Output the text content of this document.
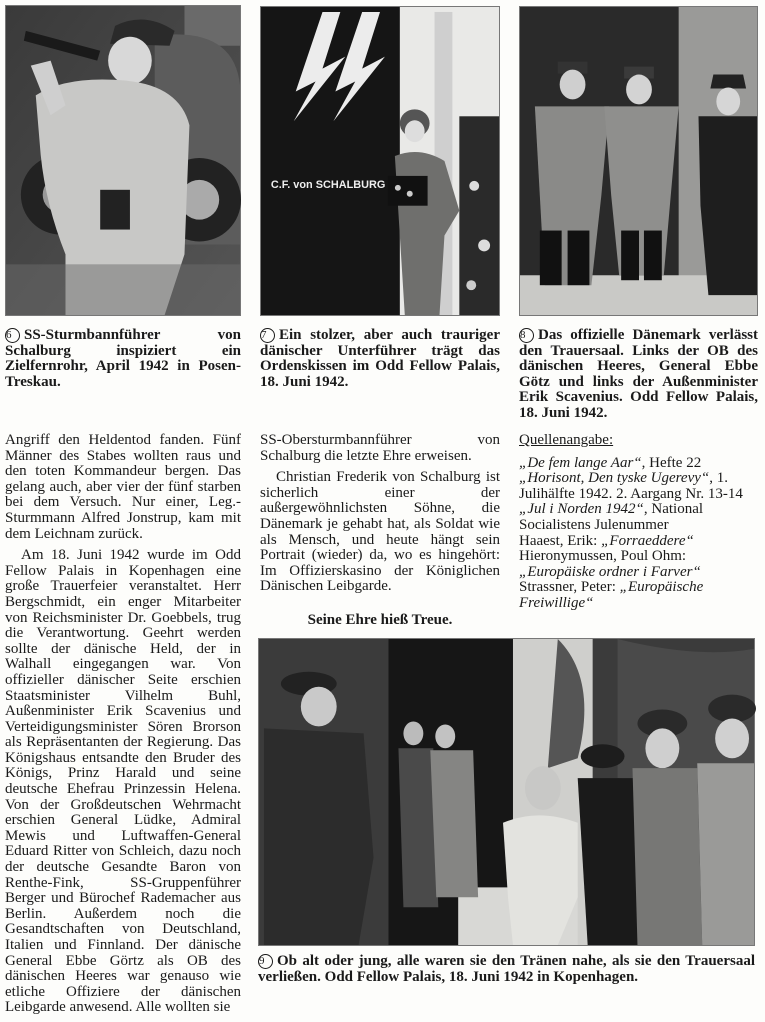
C.F. von SCHALBURG
6 SS-Sturmbannführer von Schalburg inspiziert ein Zielfernrohr, April 1942 in Posen-Treskau.
7 Ein stolzer, aber auch trauriger dänischer Unterführer trägt das Ordenskissen im Odd Fellow Palais, 18. Juni 1942.
8 Das offizielle Dänemark verlässt den Trauersaal. Links der OB des dänischen Heeres, General Ebbe Götz und links der Außenminister Erik Scavenius. Odd Fellow Palais, 18. Juni 1942.
9 Ob alt oder jung, alle waren sie den Tränen nahe, als sie den Trauersaal verließen. Odd Fellow Palais, 18. Juni 1942 in Kopenhagen.

Angriff den Heldentod fanden. Fünf Männer des Stabes wollten raus und den toten Kommandeur bergen. Das gelang auch, aber vier der fünf starben bei dem Versuch. Nur einer, Leg.-Sturmmann Alfred Jonstrup, kam mit dem Leichnam zurück.

Am 18. Juni 1942 wurde im Odd Fellow Palais in Kopenhagen eine große Trauerfeier veranstaltet. Herr Bergschmidt, ein enger Mitarbeiter von Reichsminister Dr. Goebbels, trug die Verantwortung. Geehrt werden sollte der dänische Held, der in Walhall eingegangen war. Von offizieller dänischer Seite erschien Staatsminister Vilhelm Buhl, Außenminister Erik Scavenius und Verteidigungsminister Sören Brorson als Repräsentanten der Regierung. Das Königshaus entsandte den Bruder des Königs, Prinz Harald und seine deutsche Ehefrau Prinzessin Helena. Von der Großdeutschen Wehrmacht erschien General Lüdke, Admiral Mewis und Luftwaffen-General Eduard Ritter von Schleich, dazu noch der deutsche Gesandte Baron von Renthe-Fink, SS-Gruppenführer Berger und Bürochef Rademacher aus Berlin. Außerdem noch die Gesandtschaften von Deutschland, Italien und Finnland. Der dänische General Ebbe Görtz als OB des dänischen Heeres war genauso wie etliche Offiziere der dänischen Leibgarde anwesend. Alle wollten sie

SS-Obersturmbannführer von Schalburg die letzte Ehre erweisen.

Christian Frederik von Schalburg ist sicherlich einer der außergewöhnlichsten Söhne, die Dänemark je gehabt hat, als Soldat wie als Mensch, und heute hängt sein Portrait (wieder) da, wo es hingehört: Im Offizierskasino der Königlichen Dänischen Leibgarde.

Seine Ehre hieß Treue.

Quellenangabe:
„De fem lange Aar“, Hefte 22
„Horisont, Den tyske Ugerevy“, 1. Julihälfte 1942. 2. Aargang Nr. 13-14
„Jul i Norden 1942“, National Socialistens Julenummer
Haaest, Erik: „Forraeddere“
Hieronymussen, Poul Ohm: „Europäiske ordner i Farver“
Strassner, Peter: „Europäische Freiwillige“
